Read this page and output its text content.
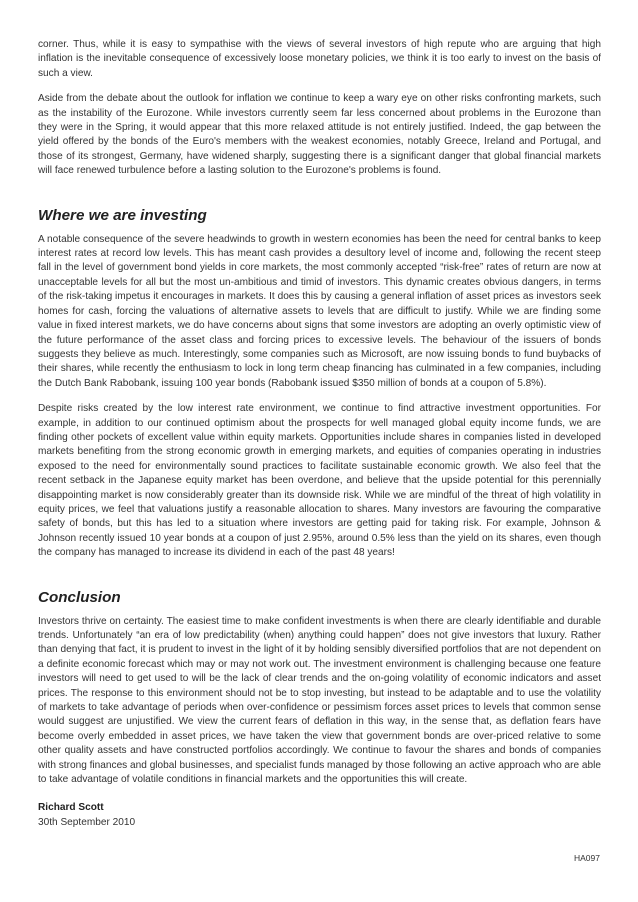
corner. Thus, while it is easy to sympathise with the views of several investors of high repute who are arguing that high inflation is the inevitable consequence of excessively loose monetary policies, we think it is too early to invest on the basis of such a view.

Aside from the debate about the outlook for inflation we continue to keep a wary eye on other risks confronting markets, such as the instability of the Eurozone. While investors currently seem far less concerned about problems in the Eurozone than they were in the Spring, it would appear that this more relaxed attitude is not entirely justified. Indeed, the gap between the yield offered by the bonds of the Euro's members with the weakest economies, notably Greece, Ireland and Portugal, and those of its strongest, Germany, have widened sharply, suggesting there is a significant danger that global financial markets will face renewed turbulence before a lasting solution to the Eurozone's problems is found.

Where we are investing

A notable consequence of the severe headwinds to growth in western economies has been the need for central banks to keep interest rates at record low levels. This has meant cash provides a desultory level of income and, following the recent steep fall in the level of government bond yields in core markets, the most commonly accepted “risk-free” rates of return are now at unacceptable levels for all but the most un-ambitious and timid of investors. This dynamic creates obvious dangers, in terms of the risk-taking impetus it encourages in markets. It does this by causing a general inflation of asset prices as investors seek homes for cash, forcing the valuations of alternative assets to levels that are difficult to justify. While we are finding some value in fixed interest markets, we do have concerns about signs that some investors are adopting an overly optimistic view of the future performance of the asset class and forcing prices to excessive levels. The behaviour of the issuers of bonds suggests they believe as much. Interestingly, some companies such as Microsoft, are now issuing bonds to fund buybacks of their shares, while recently the enthusiasm to lock in long term cheap financing has culminated in a few companies, including the Dutch Bank Rabobank, issuing 100 year bonds (Rabobank issued $350 million of bonds at a coupon of 5.8%).

Despite risks created by the low interest rate environment, we continue to find attractive investment opportunities. For example, in addition to our continued optimism about the prospects for well managed global equity income funds, we are finding other pockets of excellent value within equity markets. Opportunities include shares in companies listed in developed markets benefiting from the strong economic growth in emerging markets, and equities of companies operating in industries exposed to the need for environmentally sound practices to facilitate sustainable economic growth. We also feel that the recent setback in the Japanese equity market has been overdone, and believe that the upside potential for this perennially disappointing market is now considerably greater than its downside risk. While we are mindful of the threat of high volatility in equity prices, we feel that valuations justify a reasonable allocation to shares. Many investors are favouring the comparative safety of bonds, but this has led to a situation where investors are getting paid for taking risk. For example, Johnson & Johnson recently issued 10 year bonds at a coupon of just 2.95%, around 0.5% less than the yield on its shares, even though the company has managed to increase its dividend in each of the past 48 years!

Conclusion

Investors thrive on certainty. The easiest time to make confident investments is when there are clearly identifiable and durable trends. Unfortunately “an era of low predictability (when) anything could happen” does not give investors that luxury. Rather than denying that fact, it is prudent to invest in the light of it by holding sensibly diversified portfolios that are not dependent on a definite economic forecast which may or may not work out. The investment environment is challenging because one feature investors will need to get used to will be the lack of clear trends and the on-going volatility of economic indicators and asset prices. The response to this environment should not be to stop investing, but instead to be adaptable and to use the volatility of markets to take advantage of periods when over-confidence or pessimism forces asset prices to levels that common sense would suggest are unjustified. We view the current fears of deflation in this way, in the sense that, as deflation fears have become overly embedded in asset prices, we have taken the view that government bonds are over-priced relative to some other quality assets and have constructed portfolios accordingly. We continue to favour the shares and bonds of companies with strong finances and global businesses, and specialist funds managed by those following an active approach who are able to take advantage of volatile conditions in financial markets and the opportunities this will create.

Richard Scott
30th September 2010
HA097
